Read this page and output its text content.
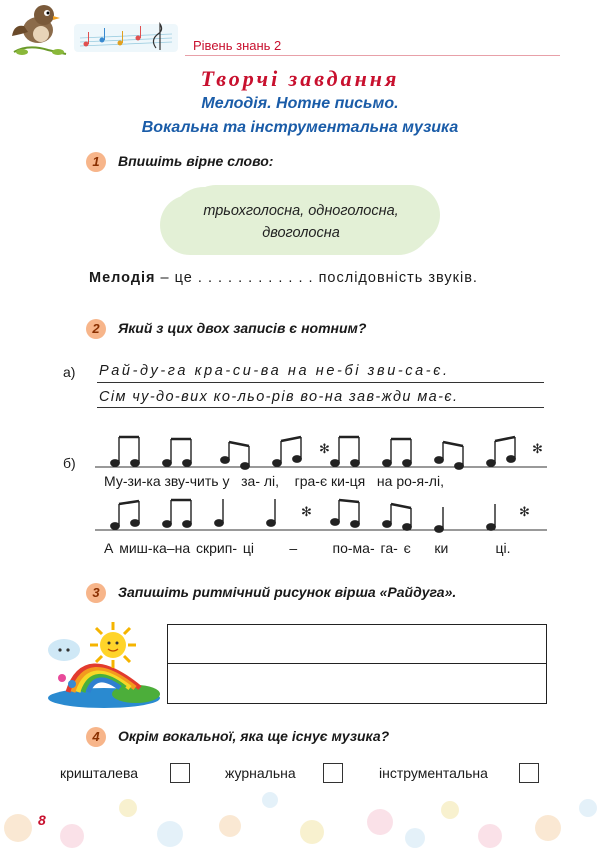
Рівень знань 2
Творчі завдання
Мелодія. Нотне письмо.
Вокальна та інструментальна музика
1	Впишіть вірне слово:
трьохголосна, одноголосна,
двоголосна
Мелодія – це . . . . . . . . . . . . послідовність звуків.
2	Який з цих двох записів є нотним?
а) Рай-ду-га кра-си-ва на не-бі зви-са-є.
Сім чу-до-вих ко-льо-рів во-на зав-жди ма-є.
б)
✻	✻
Му-зи-ка зву-чить у за- лі, гра-є ки-ця на ро-я-лі,
✻	✻
А миш-ка–на скрип- ці	–	по-ма- га- є ки	ці.
3	Запишіть ритмічний рисунок вірша «Райдуга».
4	Окрім вокальної, яка ще існує музика?
кришталева	журнальна	інструментальна
8
